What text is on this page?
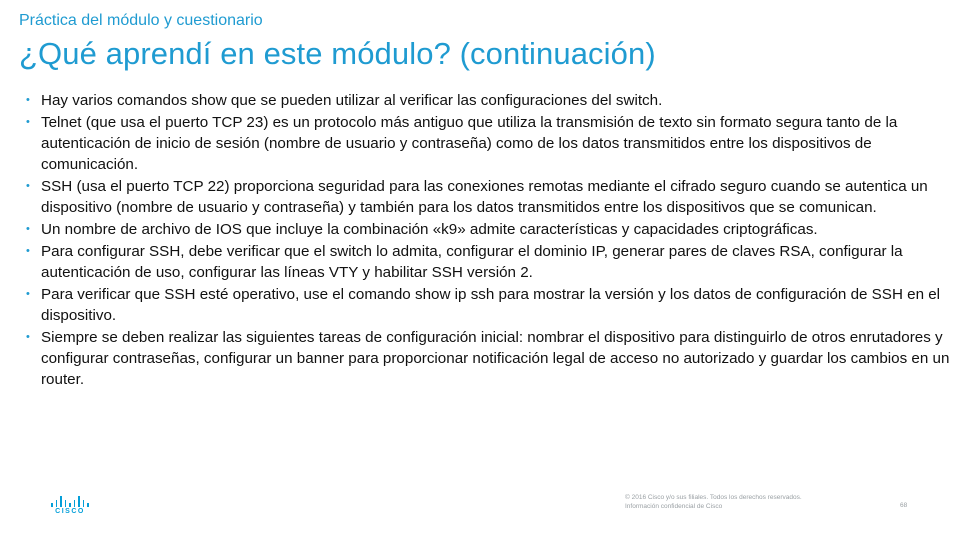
Práctica del módulo y cuestionario
¿Qué aprendí en este módulo? (continuación)
• Hay varios comandos show que se pueden utilizar al verificar las configuraciones del switch.
• Telnet (que usa el puerto TCP 23) es un protocolo más antiguo que utiliza la transmisión de texto sin formato segura tanto de la autenticación de inicio de sesión (nombre de usuario y contraseña) como de los datos transmitidos entre los dispositivos de comunicación.
• SSH (usa el puerto TCP 22) proporciona seguridad para las conexiones remotas mediante el cifrado seguro cuando se autentica un dispositivo (nombre de usuario y contraseña) y también para los datos transmitidos entre los dispositivos que se comunican.
• Un nombre de archivo de IOS que incluye la combinación «k9» admite características y capacidades criptográficas.
• Para configurar SSH, debe verificar que el switch lo admita, configurar el dominio IP, generar pares de claves RSA, configurar la autenticación de uso, configurar las líneas VTY y habilitar SSH versión 2.
• Para verificar que SSH esté operativo, use el comando show ip ssh para mostrar la versión y los datos de configuración de SSH en el dispositivo.
• Siempre se deben realizar las siguientes tareas de configuración inicial: nombrar el dispositivo para distinguirlo de otros enrutadores y configurar contraseñas, configurar un banner para proporcionar notificación legal de acceso no autorizado y guardar los cambios en un router.
CISCO
© 2016 Cisco y/o sus filiales. Todos los derechos reservados.
Información confidencial de Cisco	68
